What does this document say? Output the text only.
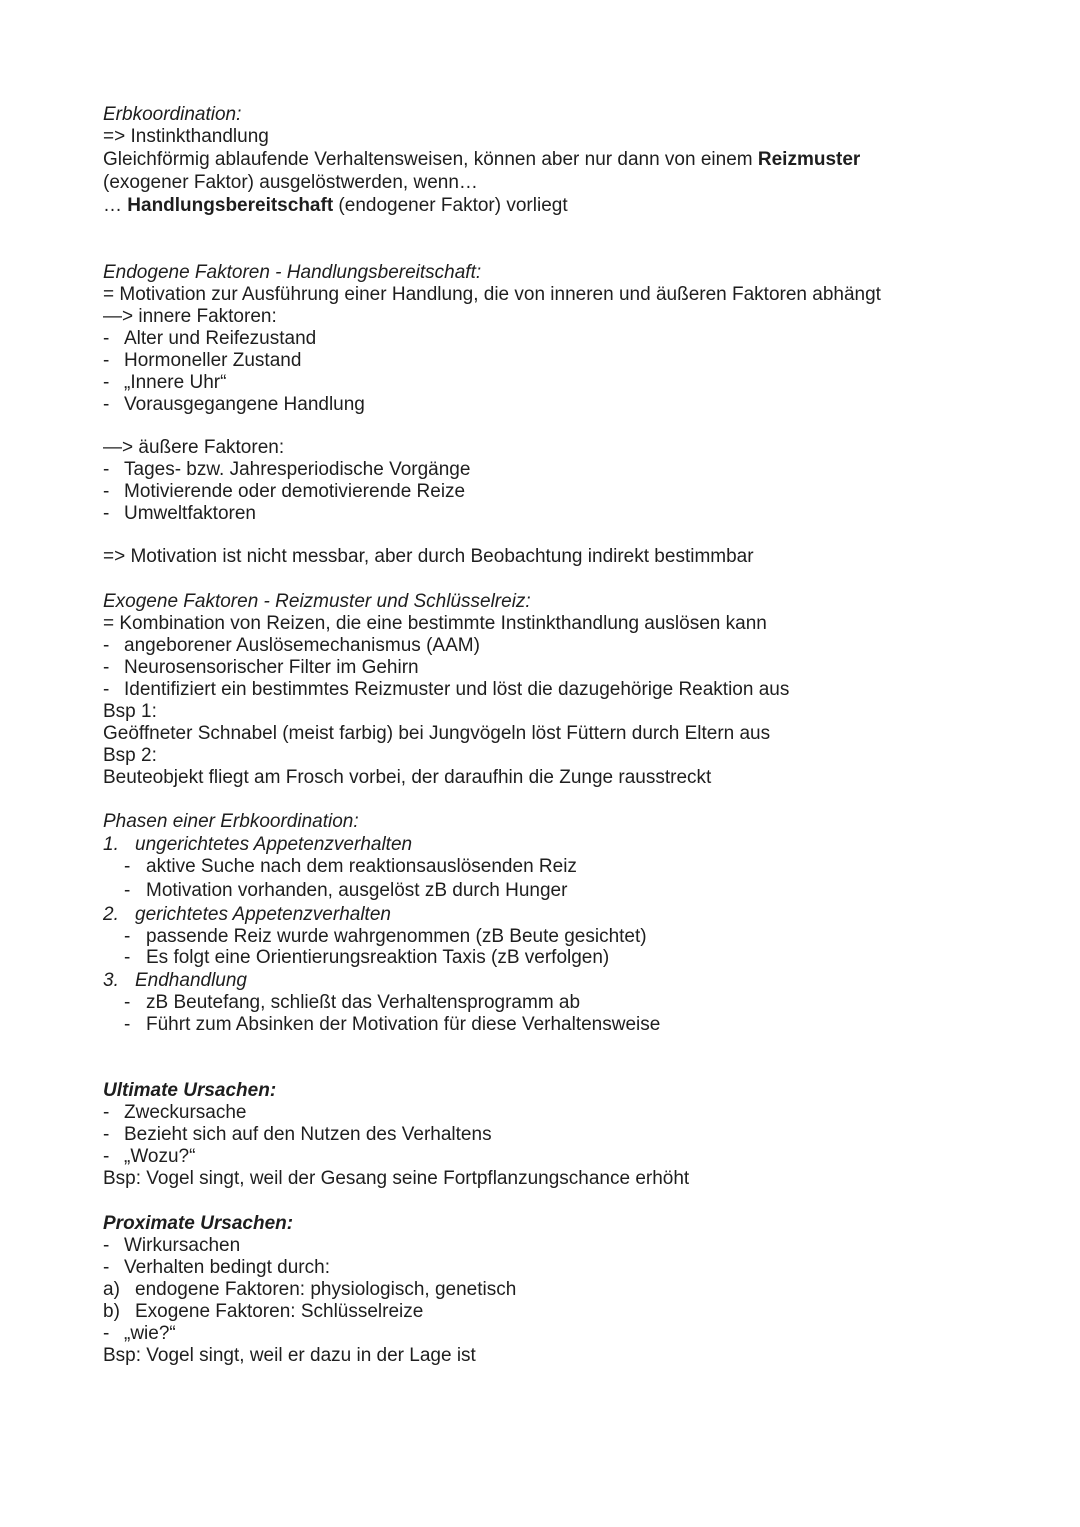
Erbkoordination:
=> Instinkthandlung
Gleichförmig ablaufende Verhaltensweisen, können aber nur dann von einem Reizmuster
(exogener Faktor) ausgelöstwerden, wenn…
… Handlungsbereitschaft (endogener Faktor) vorliegt
Endogene Faktoren - Handlungsbereitschaft:
= Motivation zur Ausführung einer Handlung, die von inneren und äußeren Faktoren abhängt
—> innere Faktoren:
- Alter und Reifezustand
- Hormoneller Zustand
- „Innere Uhr“
- Vorausgegangene Handlung
—> äußere Faktoren:
- Tages- bzw. Jahresperiodische Vorgänge
- Motivierende oder demotivierende Reize
- Umweltfaktoren
=> Motivation ist nicht messbar, aber durch Beobachtung indirekt bestimmbar
Exogene Faktoren - Reizmuster und Schlüsselreiz:
= Kombination von Reizen, die eine bestimmte Instinkthandlung auslösen kann
- angeborener Auslösemechanismus (AAM)
- Neurosensorischer Filter im Gehirn
- Identifiziert ein bestimmtes Reizmuster und löst die dazugehörige Reaktion aus
Bsp 1:
Geöffneter Schnabel (meist farbig) bei Jungvögeln löst Füttern durch Eltern aus
Bsp 2:
Beuteobjekt fliegt am Frosch vorbei, der daraufhin die Zunge rausstreckt
Phasen einer Erbkoordination:
1. ungerichtetes Appetenzverhalten
- aktive Suche nach dem reaktionsauslösenden Reiz
- Motivation vorhanden, ausgelöst zB durch Hunger
2. gerichtetes Appetenzverhalten
- passende Reiz wurde wahrgenommen (zB Beute gesichtet)
- Es folgt eine Orientierungsreaktion Taxis (zB verfolgen)
3. Endhandlung
- zB Beutefang, schließt das Verhaltensprogramm ab
- Führt zum Absinken der Motivation für diese Verhaltensweise
Ultimate Ursachen:
- Zweckursache
- Bezieht sich auf den Nutzen des Verhaltens
- „Wozu?“
Bsp: Vogel singt, weil der Gesang seine Fortpflanzungschance erhöht
Proximate Ursachen:
- Wirkursachen
- Verhalten bedingt durch:
a) endogene Faktoren: physiologisch, genetisch
b) Exogene Faktoren: Schlüsselreize
- „wie?“
Bsp: Vogel singt, weil er dazu in der Lage ist
